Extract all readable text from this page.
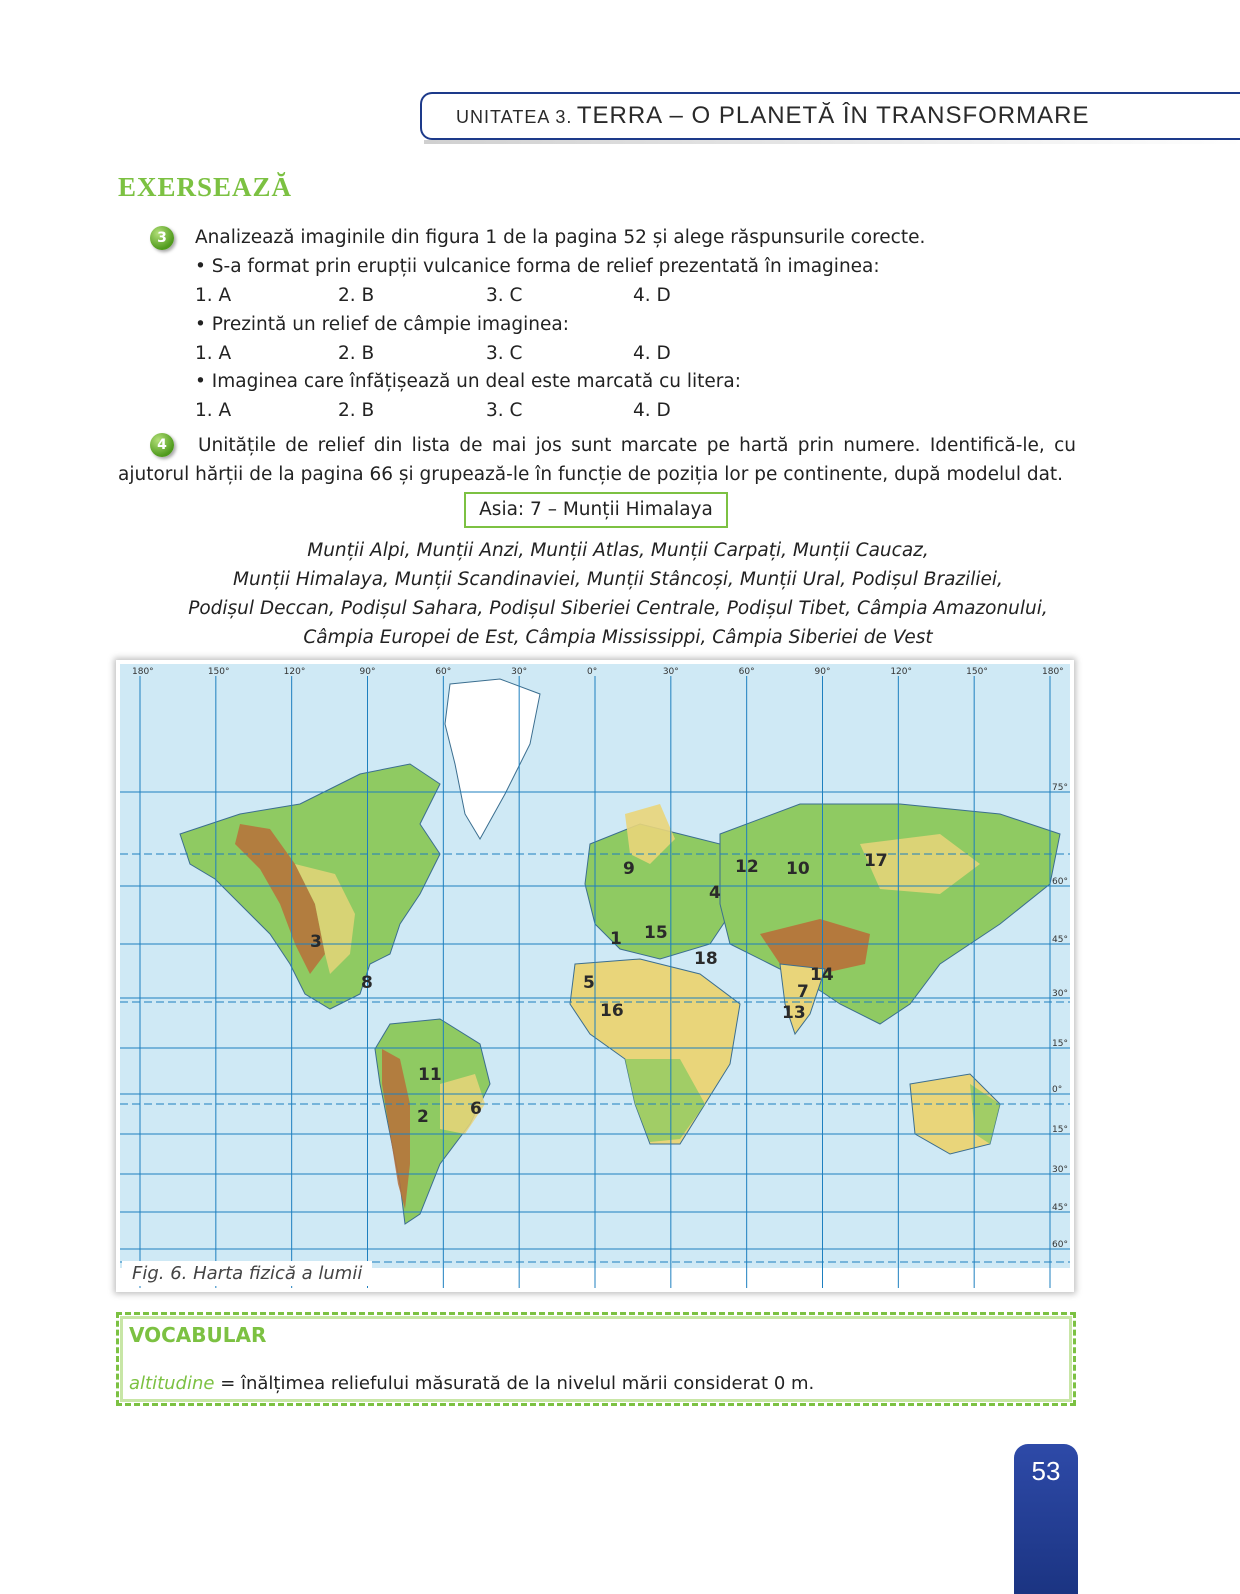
UNITATEA 3. TERRA – O PLANETĂ ÎN TRANSFORMARE
EXERSEAZĂ
3	Analizează imaginile din figura 1 de la pagina 52 și alege răspunsurile corecte.
• S-a format prin erupții vulcanice forma de relief prezentată în imaginea:
1. A	2. B	3. C	4. D
• Prezintă un relief de câmpie imaginea:
1. A	2. B	3. C	4. D
• Imaginea care înfățișează un deal este marcată cu litera:
1. A	2. B	3. C	4. D
4	Unitățile de relief din lista de mai jos sunt marcate pe hartă prin numere. Identifică-le, cu ajutorul hărții de la pagina 66 și grupează-le în funcție de poziția lor pe continente, după modelul dat.
Asia: 7 – Munții Himalaya
Munții Alpi, Munții Anzi, Munții Atlas, Munții Carpați, Munții Caucaz,
Munții Himalaya, Munții Scandinaviei, Munții Stâncoși, Munții Ural, Podișul Braziliei,
Podișul Deccan, Podișul Sahara, Podișul Siberiei Centrale, Podișul Tibet, Câmpia Amazonului,
Câmpia Europei de Est, Câmpia Mississippi, Câmpia Siberiei de Vest
180°	150°	120°	90°	60°	30°	0°	30°	60°	90°	120°	150°	180°
75°
60°
45°
30°
15°
0°
15°
30°
45°
60°
1
2
3
4
5
6
7
8
9	10
11
12
13
14
15
16
17
18
Fig. 6. Harta fizică a lumii
VOCABULAR
altitudine = înălțimea reliefului măsurată de la nivelul mării considerat 0 m.
53
